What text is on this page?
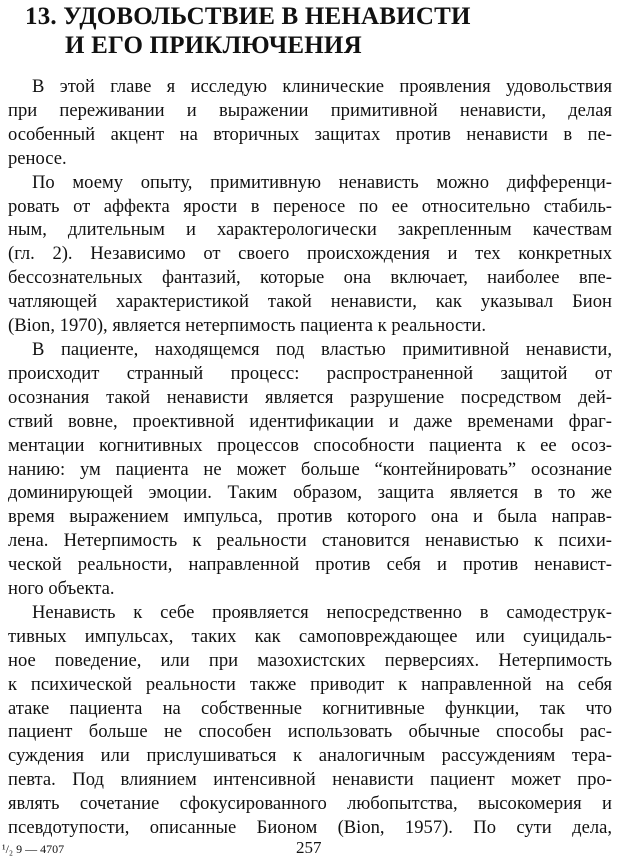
13. УДОВОЛЬСТВИЕ В НЕНАВИСТИ
И ЕГО ПРИКЛЮЧЕНИЯ
В этой главе я исследую клинические проявления удовольствия
при переживании и выражении примитивной ненависти, делая
особенный акцент на вторичных защитах против ненависти в пе-
реносе.
По моему опыту, примитивную ненависть можно дифференци-
ровать от аффекта ярости в переносе по ее относительно стабиль-
ным, длительным и характерологически закрепленным качествам
(гл. 2). Независимо от своего происхождения и тех конкретных
бессознательных фантазий, которые она включает, наиболее впе-
чатляющей характеристикой такой ненависти, как указывал Бион
(Bion, 1970), является нетерпимость пациента к реальности.
В пациенте, находящемся под властью примитивной ненависти,
происходит странный процесс: распространенной защитой от
осознания такой ненависти является разрушение посредством дей-
ствий вовне, проективной идентификации и даже временами фраг-
ментации когнитивных процессов способности пациента к ее осоз-
нанию: ум пациента не может больше “контейнировать” осознание
доминирующей эмоции. Таким образом, защита является в то же
время выражением импульса, против которого она и была направ-
лена. Нетерпимость к реальности становится ненавистью к психи-
ческой реальности, направленной против себя и против ненавист-
ного объекта.
Ненависть к себе проявляется непосредственно в самодеструк-
тивных импульсах, таких как самоповреждающее или суицидаль-
ное поведение, или при мазохистских перверсиях. Нетерпимость
к психической реальности также приводит к направленной на себя
атаке пациента на собственные когнитивные функции, так что
пациент больше не способен использовать обычные способы рас-
суждения или прислушиваться к аналогичным рассуждениям тера-
певта. Под влиянием интенсивной ненависти пациент может про-
являть сочетание сфокусированного любопытства, высокомерия и
псевдотупости, описанные Бионом (Bion, 1957). По сути дела,
¹/₂ 9 — 4707	257
